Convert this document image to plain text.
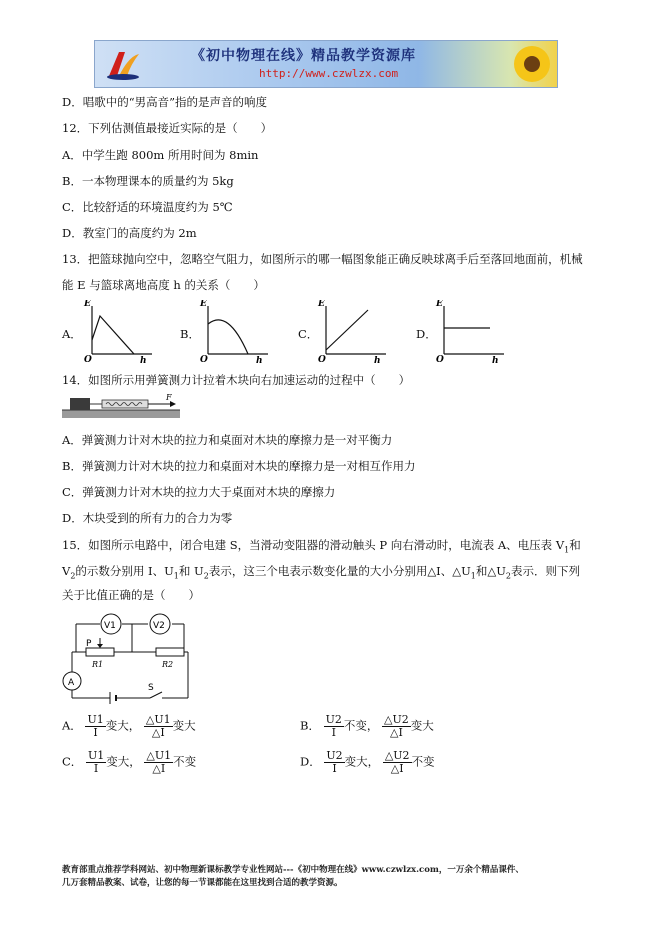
《初中物理在线》精品教学资源库
http://www.czwlzx.com
D．唱歌中的“男高音”指的是声音的响度
12．下列估测值最接近实际的是（　　）
A．中学生跑 800m 所用时间为 8min
B．一本物理课本的质量约为 5kg
C．比较舒适的环境温度约为 5℃
D．教室门的高度约为 2m
13．把篮球抛向空中，忽略空气阻力，如图所示的哪一幅图象能正确反映球离手后至落回地面前，机械
能 E 与篮球离地高度 h 的关系（　　）
A．
E
O	h
B．
E
O	h
C．
E
O	h
D．
E
O	h
14．如图所示用弹簧测力计拉着木块向右加速运动的过程中（　　）
F
A．弹簧测力计对木块的拉力和桌面对木块的摩擦力是一对平衡力
B．弹簧测力计对木块的拉力和桌面对木块的摩擦力是一对相互作用力
C．弹簧测力计对木块的拉力大于桌面对木块的摩擦力
D．木块受到的所有力的合力为零
15．如图所示电路中，闭合电建 S，当滑动变阻器的滑动触头 P 向右滑动时，电流表 A、电压表 $V_1$和
$V_2$的示数分别用 I、$U_1$和 $U_2$表示，这三个电表示数变化量的大小分别用△I、$\triangle U_1$和$\triangle U_2$表示．则下列
关于比值正确的是（　　）
V1	V2
P
R1	R2
A	S
A． $\frac{U1}{I}$ 变大， $\frac{\triangle U1}{\triangle I}$ 变大	B． $\frac{U2}{I}$ 不变， $\frac{\triangle U2}{\triangle I}$ 变大
C． $\frac{U1}{I}$ 变大， $\frac{\triangle U1}{\triangle I}$ 不变	D． $\frac{U2}{I}$ 变大， $\frac{\triangle U2}{\triangle I}$ 不变
教育部重点推荐学科网站、初中物理新课标教学专业性网站---《初中物理在线》www.czwlzx.com，一万余个精品课件、
几万套精品教案、试卷，让您的每一节课都能在这里找到合适的教学资源。
